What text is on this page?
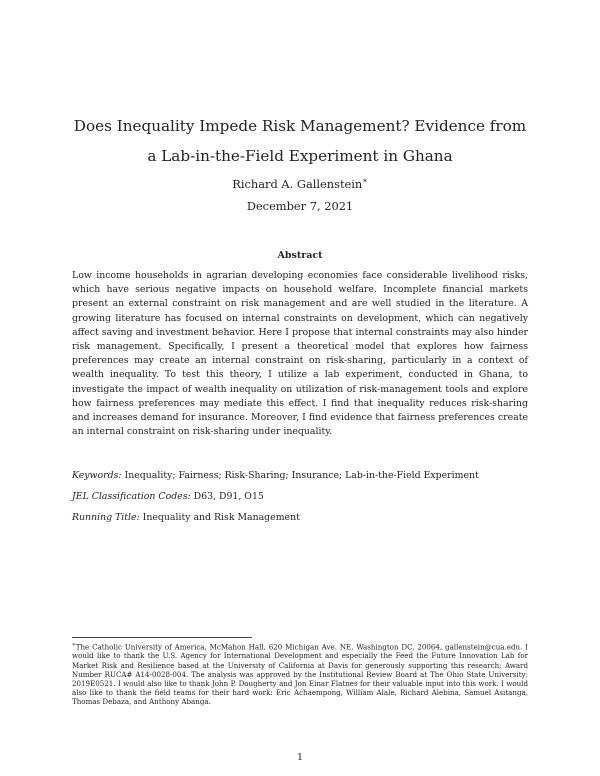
Does Inequality Impede Risk Management? Evidence from a Lab-in-the-Field Experiment in Ghana
Richard A. Gallenstein∗
December 7, 2021
Abstract

Low income households in agrarian developing economies face considerable livelihood risks, which have serious negative impacts on household welfare. Incomplete financial markets present an external constraint on risk management and are well studied in the literature. A growing literature has focused on internal constraints on development, which can negatively affect saving and investment behavior. Here I propose that internal constraints may also hinder risk management. Specifically, I present a theoretical model that explores how fairness preferences may create an internal constraint on risk-sharing, particularly in a context of wealth inequality. To test this theory, I utilize a lab experiment, conducted in Ghana, to investigate the impact of wealth inequality on utilization of risk-management tools and explore how fairness preferences may mediate this effect. I find that inequality reduces risk-sharing and increases demand for insurance. Moreover, I find evidence that fairness preferences create an internal constraint on risk-sharing under inequality.

Keywords: Inequality; Fairness; Risk-Sharing; Insurance; Lab-in-the-Field Experiment
JEL Classification Codes: D63, D91, O15
Running Title: Inequality and Risk Management

∗The Catholic University of America, McMahon Hall, 620 Michigan Ave. NE, Washington DC, 20064, gallenstein@cua.edu. I would like to thank the U.S. Agency for International Development and especially the Feed the Future Innovation Lab for Market Risk and Resilience based at the University of California at Davis for generously supporting this research; Award Number RUCA# A14-0028-004. The analysis was approved by the Institutional Review Board at The Ohio State University: 2019E0521. I would also like to thank John P. Dougherty and Jon Einar Flatnes for their valuable input into this work. I would also like to thank the field teams for their hard work: Eric Achaempong, William Alale, Richard Alebina, Samuel Asitanga, Thomas Debaza, and Anthony Abanga.

1
